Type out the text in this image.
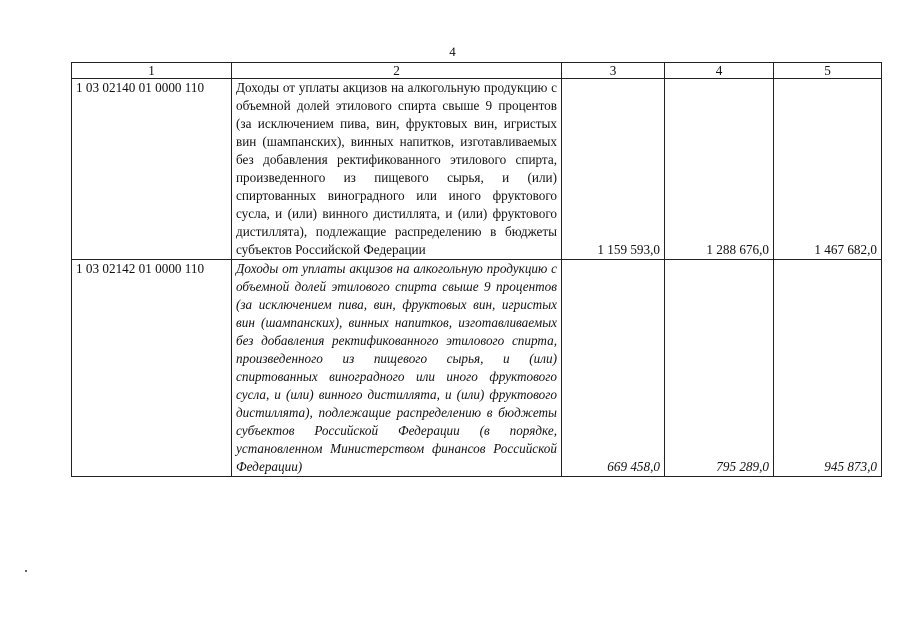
4
1	2	3	4	5
1 03 02140 01 0000 110	Доходы от уплаты акцизов на алкогольную продукцию с объемной долей этилового спирта свыше 9 процентов (за исключением пива, вин, фруктовых вин, игристых вин (шампанских), винных напитков, изготавливаемых без добавления ректификованного этилового спирта, произведенного из пищевого сырья, и (или) спиртованных виноградного или иного фруктового сусла, и (или) винного дистиллята, и (или) фруктового дистиллята), подлежащие распределению в бюджеты субъектов Российской Федерации	1 159 593,0	1 288 676,0	1 467 682,0
1 03 02142 01 0000 110	Доходы от уплаты акцизов на алкогольную продукцию с объемной долей этилового спирта свыше 9 процентов (за исключением пива, вин, фруктовых вин, игристых вин (шампанских), винных напитков, изготавливаемых без добавления ректификованного этилового спирта, произведенного из пищевого сырья, и (или) спиртованных виноградного или иного фруктового сусла, и (или) винного дистиллята, и (или) фруктового дистиллята), подлежащие распределению в бюджеты субъектов Российской Федерации (в порядке, установленном Министерством финансов Российской Федерации)	669 458,0	795 289,0	945 873,0
